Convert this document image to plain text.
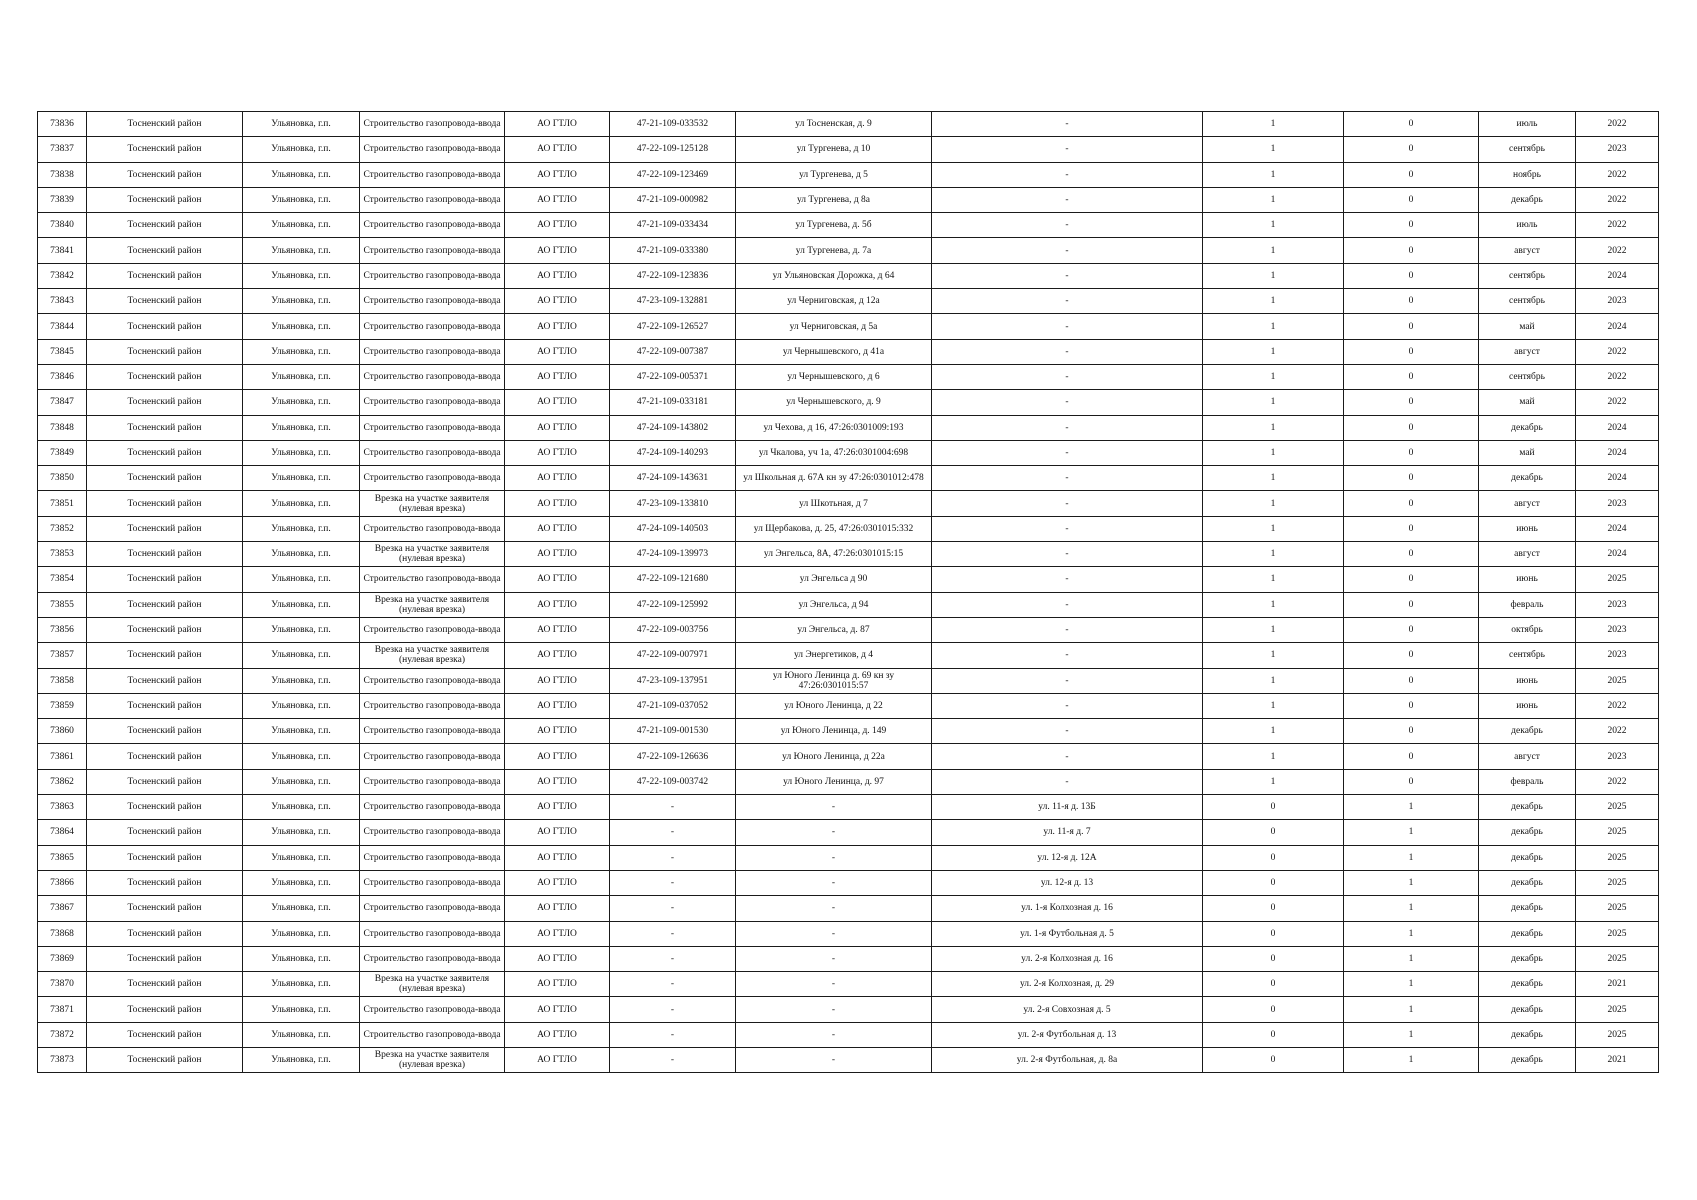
73836	Тосненский район	Ульяновка, г.п.	Строительство газопровода-ввода	АО ГТЛО	47-21-109-033532	ул Тосненская, д. 9	-	1	0	июль	2022
73837	Тосненский район	Ульяновка, г.п.	Строительство газопровода-ввода	АО ГТЛО	47-22-109-125128	ул Тургенева, д 10	-	1	0	сентябрь	2023
73838	Тосненский район	Ульяновка, г.п.	Строительство газопровода-ввода	АО ГТЛО	47-22-109-123469	ул Тургенева, д 5	-	1	0	ноябрь	2022
73839	Тосненский район	Ульяновка, г.п.	Строительство газопровода-ввода	АО ГТЛО	47-21-109-000982	ул Тургенева, д 8а	-	1	0	декабрь	2022
73840	Тосненский район	Ульяновка, г.п.	Строительство газопровода-ввода	АО ГТЛО	47-21-109-033434	ул Тургенева, д. 5б	-	1	0	июль	2022
73841	Тосненский район	Ульяновка, г.п.	Строительство газопровода-ввода	АО ГТЛО	47-21-109-033380	ул Тургенева, д. 7а	-	1	0	август	2022
73842	Тосненский район	Ульяновка, г.п.	Строительство газопровода-ввода	АО ГТЛО	47-22-109-123836	ул Ульяновская Дорожка, д 64	-	1	0	сентябрь	2024
73843	Тосненский район	Ульяновка, г.п.	Строительство газопровода-ввода	АО ГТЛО	47-23-109-132881	ул Черниговская, д 12а	-	1	0	сентябрь	2023
73844	Тосненский район	Ульяновка, г.п.	Строительство газопровода-ввода	АО ГТЛО	47-22-109-126527	ул Черниговская, д 5а	-	1	0	май	2024
73845	Тосненский район	Ульяновка, г.п.	Строительство газопровода-ввода	АО ГТЛО	47-22-109-007387	ул Чернышевского, д 41а	-	1	0	август	2022
73846	Тосненский район	Ульяновка, г.п.	Строительство газопровода-ввода	АО ГТЛО	47-22-109-005371	ул Чернышевского, д 6	-	1	0	сентябрь	2022
73847	Тосненский район	Ульяновка, г.п.	Строительство газопровода-ввода	АО ГТЛО	47-21-109-033181	ул Чернышевского, д. 9	-	1	0	май	2022
73848	Тосненский район	Ульяновка, г.п.	Строительство газопровода-ввода	АО ГТЛО	47-24-109-143802	ул Чехова, д 16, 47:26:0301009:193	-	1	0	декабрь	2024
73849	Тосненский район	Ульяновка, г.п.	Строительство газопровода-ввода	АО ГТЛО	47-24-109-140293	ул Чкалова, уч 1а, 47:26:0301004:698	-	1	0	май	2024
73850	Тосненский район	Ульяновка, г.п.	Строительство газопровода-ввода	АО ГТЛО	47-24-109-143631	ул Школьная д. 67А кн зу 47:26:0301012:478	-	1	0	декабрь	2024
73851	Тосненский район	Ульяновка, г.п.	Врезка на участке заявителя (нулевая врезка)	АО ГТЛО	47-23-109-133810	ул Шкотьная, д 7	-	1	0	август	2023
73852	Тосненский район	Ульяновка, г.п.	Строительство газопровода-ввода	АО ГТЛО	47-24-109-140503	ул Щербакова, д. 25, 47:26:0301015:332	-	1	0	июнь	2024
73853	Тосненский район	Ульяновка, г.п.	Врезка на участке заявителя (нулевая врезка)	АО ГТЛО	47-24-109-139973	ул Энгельса, 8А, 47:26:0301015:15	-	1	0	август	2024
73854	Тосненский район	Ульяновка, г.п.	Строительство газопровода-ввода	АО ГТЛО	47-22-109-121680	ул Энгельса д 90	-	1	0	июнь	2025
73855	Тосненский район	Ульяновка, г.п.	Врезка на участке заявителя (нулевая врезка)	АО ГТЛО	47-22-109-125992	ул Энгельса, д 94	-	1	0	февраль	2023
73856	Тосненский район	Ульяновка, г.п.	Строительство газопровода-ввода	АО ГТЛО	47-22-109-003756	ул Энгельса, д. 87	-	1	0	октябрь	2023
73857	Тосненский район	Ульяновка, г.п.	Врезка на участке заявителя (нулевая врезка)	АО ГТЛО	47-22-109-007971	ул Энергетиков, д 4	-	1	0	сентябрь	2023
73858	Тосненский район	Ульяновка, г.п.	Строительство газопровода-ввода	АО ГТЛО	47-23-109-137951	ул Юного Ленинца д. 69 кн зу 47:26:0301015:57	-	1	0	июнь	2025
73859	Тосненский район	Ульяновка, г.п.	Строительство газопровода-ввода	АО ГТЛО	47-21-109-037052	ул Юного Ленинца, д 22	-	1	0	июнь	2022
73860	Тосненский район	Ульяновка, г.п.	Строительство газопровода-ввода	АО ГТЛО	47-21-109-001530	ул Юного Ленинца, д. 149	-	1	0	декабрь	2022
73861	Тосненский район	Ульяновка, г.п.	Строительство газопровода-ввода	АО ГТЛО	47-22-109-126636	ул Юного Ленинца, д 22а	-	1	0	август	2023
73862	Тосненский район	Ульяновка, г.п.	Строительство газопровода-ввода	АО ГТЛО	47-22-109-003742	ул Юного Ленинца, д. 97	-	1	0	февраль	2022
73863	Тосненский район	Ульяновка, г.п.	Строительство газопровода-ввода	АО ГТЛО	-	-	ул. 11-я д. 13Б	0	1	декабрь	2025
73864	Тосненский район	Ульяновка, г.п.	Строительство газопровода-ввода	АО ГТЛО	-	-	ул. 11-я д. 7	0	1	декабрь	2025
73865	Тосненский район	Ульяновка, г.п.	Строительство газопровода-ввода	АО ГТЛО	-	-	ул. 12-я д. 12А	0	1	декабрь	2025
73866	Тосненский район	Ульяновка, г.п.	Строительство газопровода-ввода	АО ГТЛО	-	-	ул. 12-я д. 13	0	1	декабрь	2025
73867	Тосненский район	Ульяновка, г.п.	Строительство газопровода-ввода	АО ГТЛО	-	-	ул. 1-я Колхозная д. 16	0	1	декабрь	2025
73868	Тосненский район	Ульяновка, г.п.	Строительство газопровода-ввода	АО ГТЛО	-	-	ул. 1-я Футбольная д. 5	0	1	декабрь	2025
73869	Тосненский район	Ульяновка, г.п.	Строительство газопровода-ввода	АО ГТЛО	-	-	ул. 2-я Колхозная д. 16	0	1	декабрь	2025
73870	Тосненский район	Ульяновка, г.п.	Врезка на участке заявителя (нулевая врезка)	АО ГТЛО	-	-	ул. 2-я Колхозная, д. 29	0	1	декабрь	2021
73871	Тосненский район	Ульяновка, г.п.	Строительство газопровода-ввода	АО ГТЛО	-	-	ул. 2-я Совхозная д. 5	0	1	декабрь	2025
73872	Тосненский район	Ульяновка, г.п.	Строительство газопровода-ввода	АО ГТЛО	-	-	ул. 2-я Футбольная д. 13	0	1	декабрь	2025
73873	Тосненский район	Ульяновка, г.п.	Врезка на участке заявителя (нулевая врезка)	АО ГТЛО	-	-	ул. 2-я Футбольная, д. 8а	0	1	декабрь	2021
